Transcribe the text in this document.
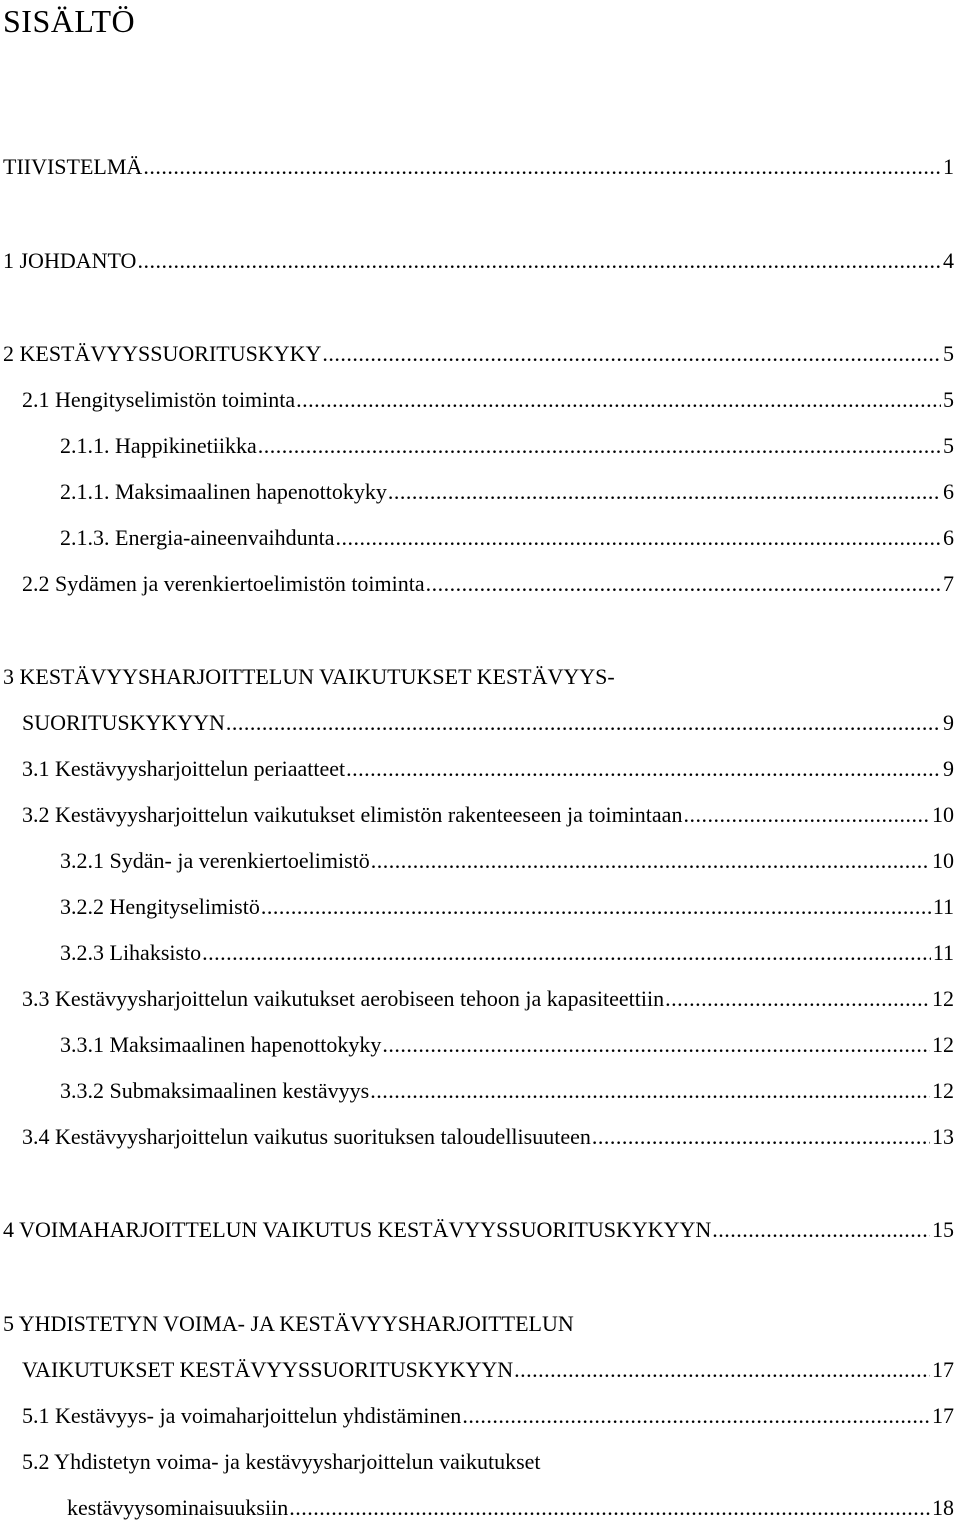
SISÄLTÖ
TIIVISTELMÄ .....	1
1 JOHDANTO .....	4
2 KESTÄVYYSSUORITUSKYKY .....	5
2.1 Hengityselimistön toiminta .....	5
2.1.1. Happikinetiikka .....	5
2.1.1. Maksimaalinen hapenottokyky .....	6
2.1.3. Energia-aineenvaihdunta .....	6
2.2 Sydämen ja verenkiertoelimistön toiminta .....	7
3 KESTÄVYYSHARJOITTELUN VAIKUTUKSET KESTÄVYYS-
SUORITUSKYKYYN .....	9
3.1 Kestävyysharjoittelun periaatteet .....	9
3.2 Kestävyysharjoittelun vaikutukset elimistön rakenteeseen ja toimintaan .....	10
3.2.1 Sydän- ja verenkiertoelimistö .....	10
3.2.2 Hengityselimistö .....	11
3.2.3 Lihaksisto .....	11
3.3 Kestävyysharjoittelun vaikutukset aerobiseen tehoon ja kapasiteettiin .....	12
3.3.1 Maksimaalinen hapenottokyky .....	12
3.3.2 Submaksimaalinen kestävyys .....	12
3.4 Kestävyysharjoittelun vaikutus suorituksen taloudellisuuteen .....	13
4 VOIMAHARJOITTELUN VAIKUTUS KESTÄVYYSSUORITUSKYKYYN .....	15
5 YHDISTETYN VOIMA- JA KESTÄVYYSHARJOITTELUN
VAIKUTUKSET KESTÄVYYSSUORITUSKYKYYN .....	17
5.1 Kestävyys- ja voimaharjoittelun yhdistäminen .....	17
5.2 Yhdistetyn voima- ja kestävyysharjoittelun vaikutukset
kestävyysominaisuuksiin .....	18
